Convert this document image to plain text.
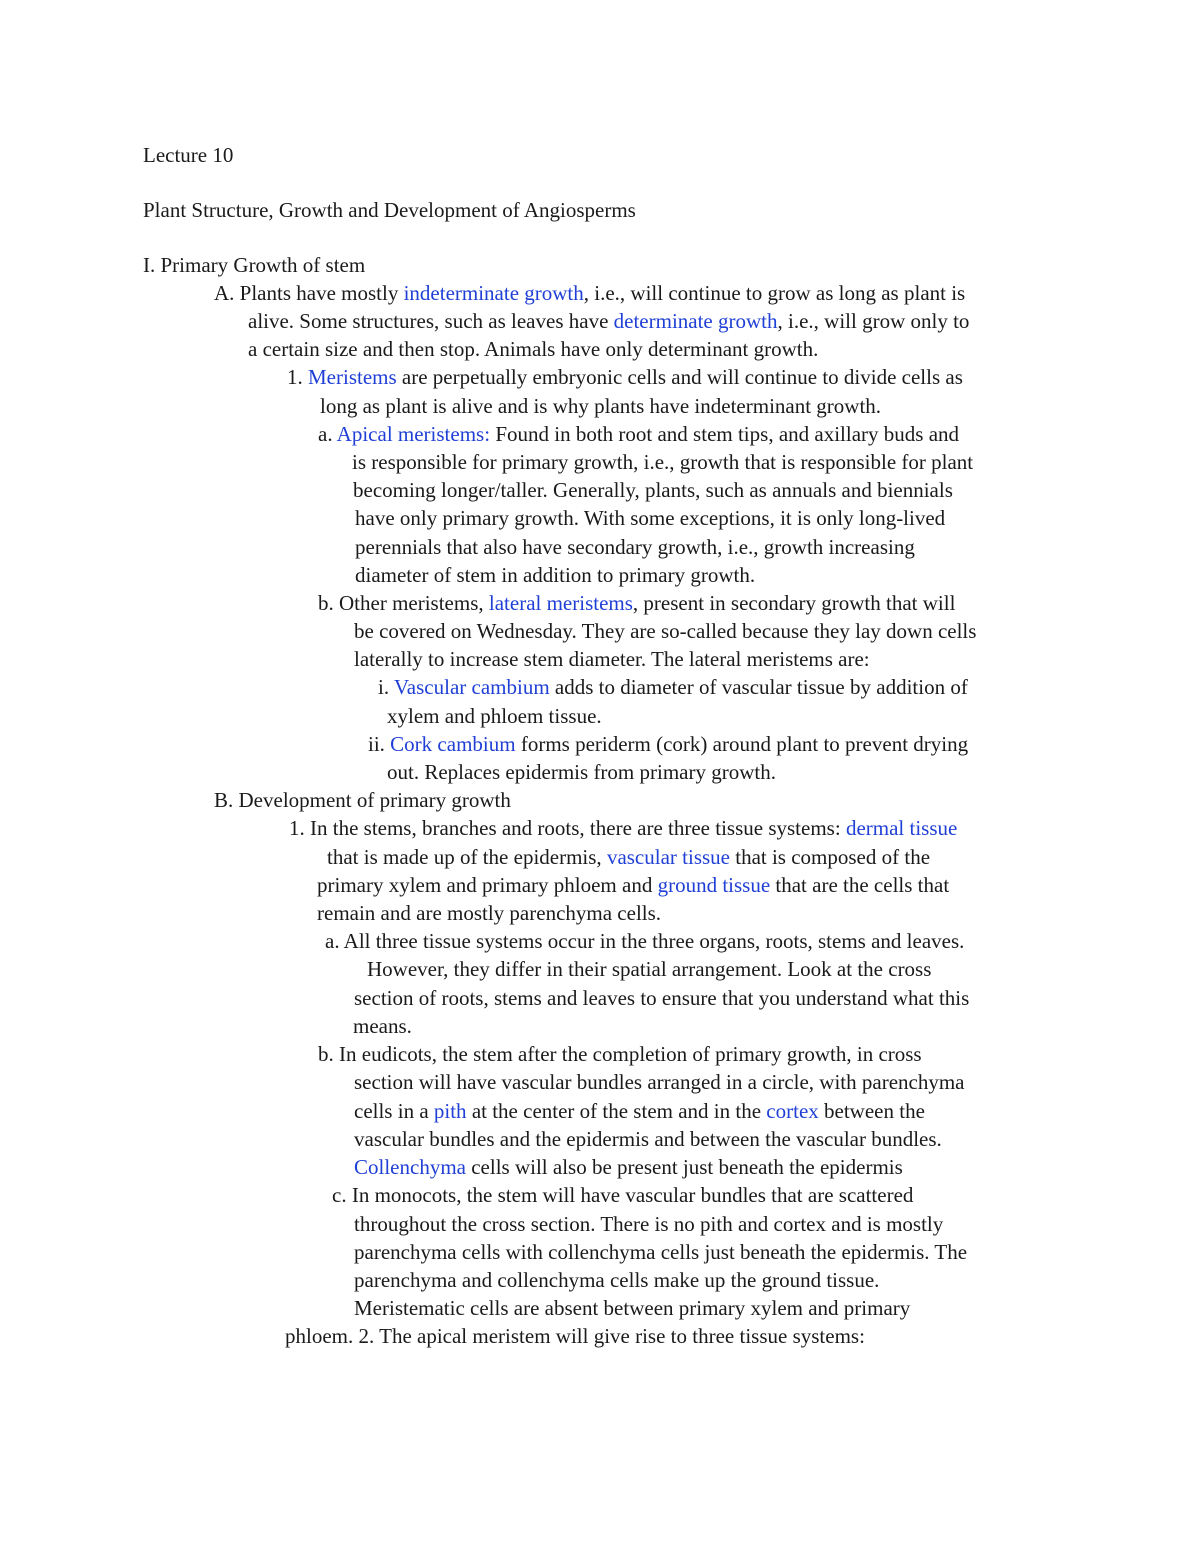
Lecture 10
Plant Structure, Growth and Development of Angiosperms
I. Primary Growth of stem
A. Plants have mostly indeterminate growth, i.e., will continue to grow as long as plant is
alive. Some structures, such as leaves have determinate growth, i.e., will grow only to
a certain size and then stop. Animals have only determinant growth.
1. Meristems are perpetually embryonic cells and will continue to divide cells as
long as plant is alive and is why plants have indeterminant growth.
a. Apical meristems: Found in both root and stem tips, and axillary buds and
is responsible for primary growth, i.e., growth that is responsible for plant
becoming longer/taller. Generally, plants, such as annuals and biennials
have only primary growth. With some exceptions, it is only long-lived
perennials that also have secondary growth, i.e., growth increasing
diameter of stem in addition to primary growth.
b. Other meristems, lateral meristems, present in secondary growth that will
be covered on Wednesday. They are so-called because they lay down cells
laterally to increase stem diameter. The lateral meristems are:
i. Vascular cambium adds to diameter of vascular tissue by addition of
xylem and phloem tissue.
ii. Cork cambium forms periderm (cork) around plant to prevent drying
out. Replaces epidermis from primary growth.
B. Development of primary growth
1. In the stems, branches and roots, there are three tissue systems: dermal tissue
that is made up of the epidermis, vascular tissue that is composed of the
primary xylem and primary phloem and ground tissue that are the cells that
remain and are mostly parenchyma cells.
a. All three tissue systems occur in the three organs, roots, stems and leaves.
However, they differ in their spatial arrangement. Look at the cross
section of roots, stems and leaves to ensure that you understand what this
means.
b. In eudicots, the stem after the completion of primary growth, in cross
section will have vascular bundles arranged in a circle, with parenchyma
cells in a pith at the center of the stem and in the cortex between the
vascular bundles and the epidermis and between the vascular bundles.
Collenchyma cells will also be present just beneath the epidermis
c. In monocots, the stem will have vascular bundles that are scattered
throughout the cross section. There is no pith and cortex and is mostly
parenchyma cells with collenchyma cells just beneath the epidermis. The
parenchyma and collenchyma cells make up the ground tissue.
Meristematic cells are absent between primary xylem and primary
phloem. 2. The apical meristem will give rise to three tissue systems:
